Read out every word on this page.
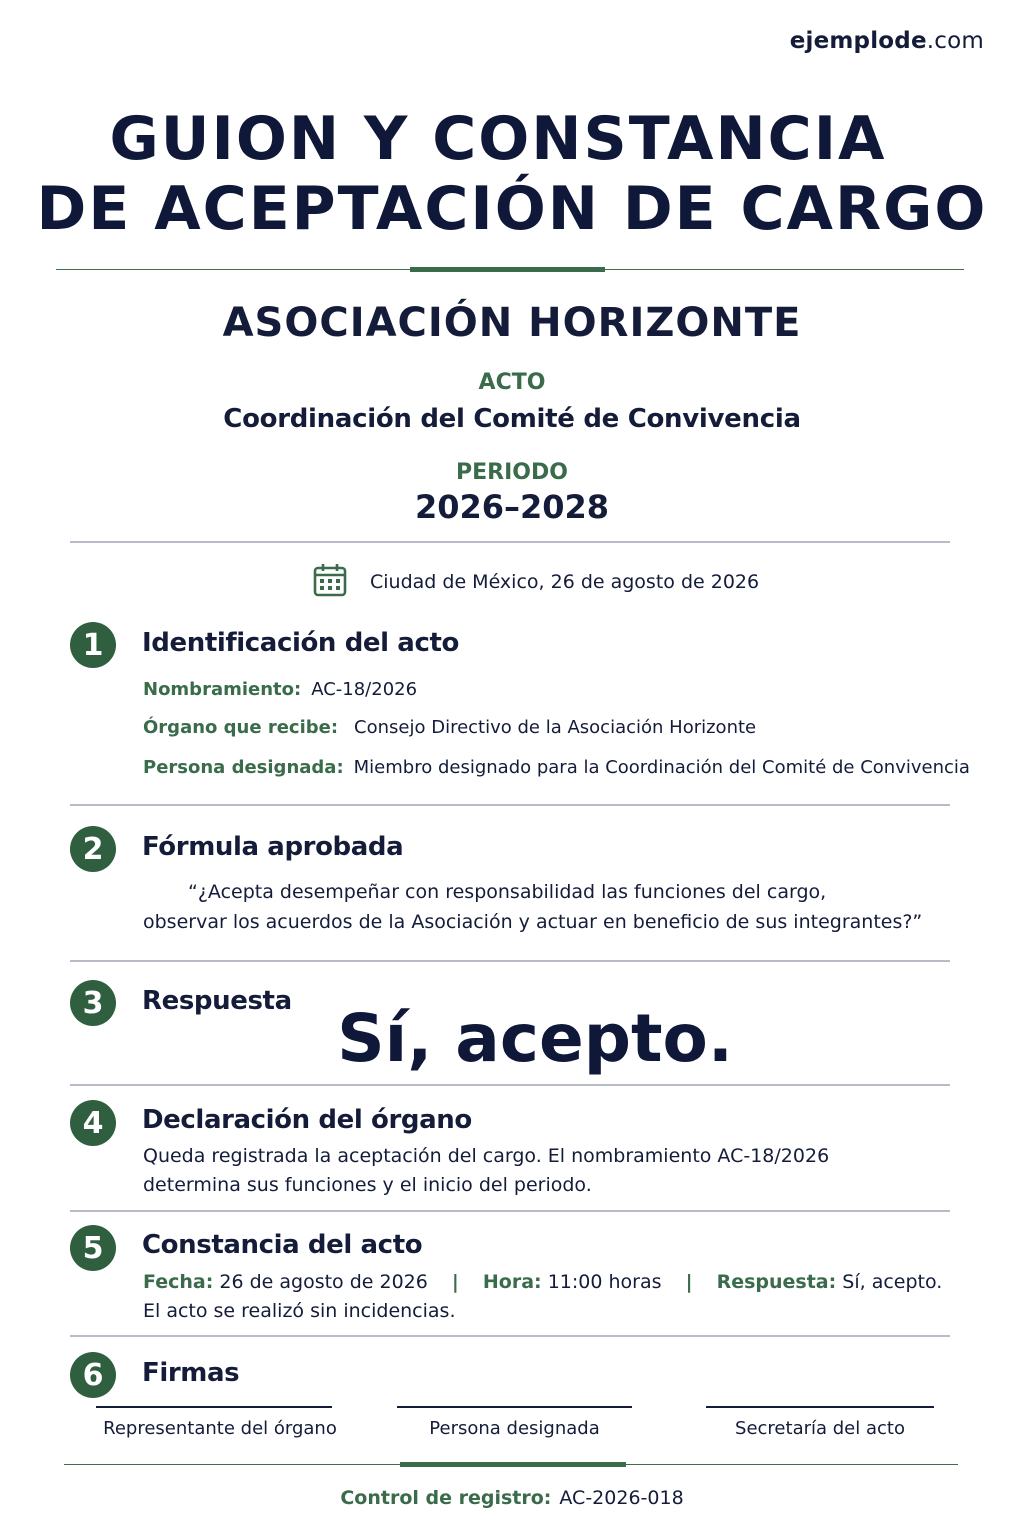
ejemplode.com
GUION Y CONSTANCIA
DE ACEPTACIÓN DE CARGO
ASOCIACIÓN HORIZONTE
ACTO
Coordinación del Comité de Convivencia
PERIODO
2026–2028
Ciudad de México, 26 de agosto de 2026
1	Identificación del acto
Nombramiento: AC-18/2026
Órgano que recibe: Consejo Directivo de la Asociación Horizonte
Persona designada: Miembro designado para la Coordinación del Comité de Convivencia
2	Fórmula aprobada
“¿Acepta desempeñar con responsabilidad las funciones del cargo,
observar los acuerdos de la Asociación y actuar en beneficio de sus integrantes?”
3	Respuesta Sí, acepto.
4	Declaración del órgano
Queda registrada la aceptación del cargo. El nombramiento AC-18/2026
determina sus funciones y el inicio del periodo.
5	Constancia del acto
Fecha: 26 de agosto de 2026 | Hora: 11:00 horas | Respuesta: Sí, acepto.
El acto se realizó sin incidencias.
6	Firmas
Representante del órgano	Persona designada	Secretaría del acto
Control de registro: AC-2026-018
